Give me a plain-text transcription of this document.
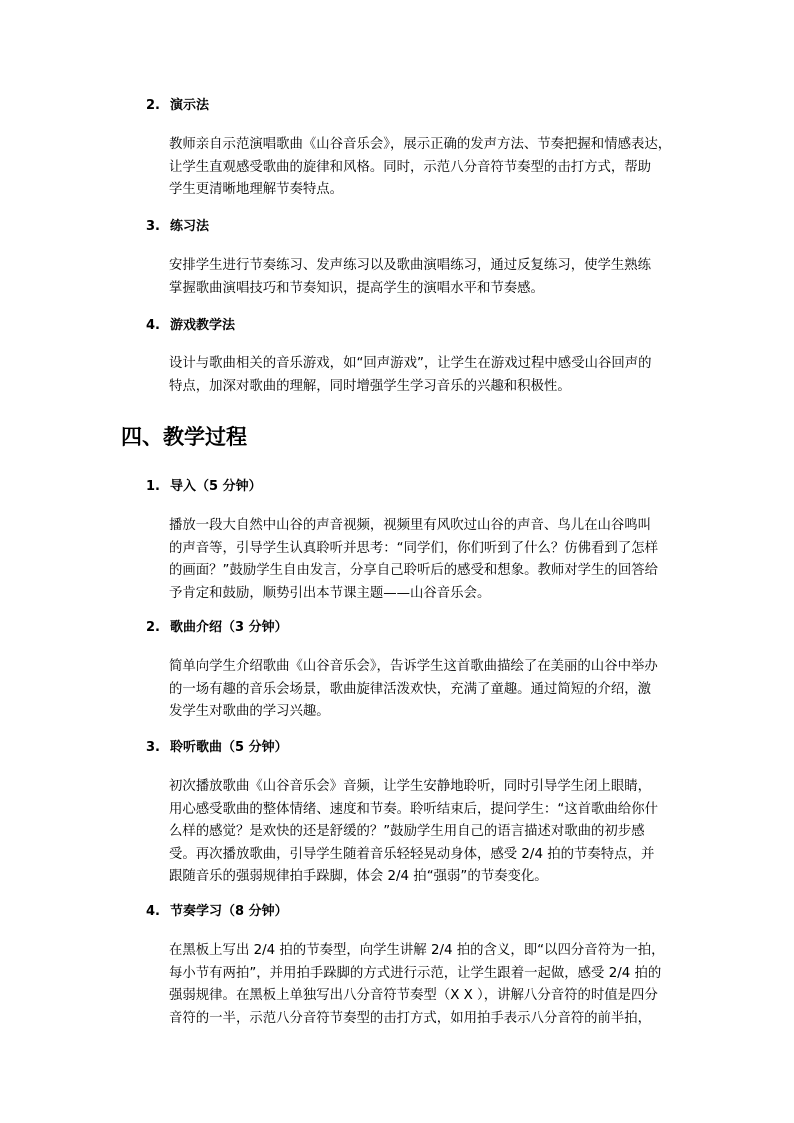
2. 演示法
教师亲自示范演唱歌曲《山谷音乐会》，展示正确的发声方法、节奏把握和情感表达，
让学生直观感受歌曲的旋律和风格。同时，示范八分音符节奏型的击打方式，帮助
学生更清晰地理解节奏特点。
3. 练习法
安排学生进行节奏练习、发声练习以及歌曲演唱练习，通过反复练习，使学生熟练
掌握歌曲演唱技巧和节奏知识，提高学生的演唱水平和节奏感。
4. 游戏教学法
设计与歌曲相关的音乐游戏，如“回声游戏”，让学生在游戏过程中感受山谷回声的
特点，加深对歌曲的理解，同时增强学生学习音乐的兴趣和积极性。
四、教学过程
1. 导入（5 分钟）
播放一段大自然中山谷的声音视频，视频里有风吹过山谷的声音、鸟儿在山谷鸣叫
的声音等，引导学生认真聆听并思考：“同学们，你们听到了什么？仿佛看到了怎样
的画面？”鼓励学生自由发言，分享自己聆听后的感受和想象。教师对学生的回答给
予肯定和鼓励，顺势引出本节课主题——山谷音乐会。
2. 歌曲介绍（3 分钟）
简单向学生介绍歌曲《山谷音乐会》，告诉学生这首歌曲描绘了在美丽的山谷中举办
的一场有趣的音乐会场景，歌曲旋律活泼欢快，充满了童趣。通过简短的介绍，激
发学生对歌曲的学习兴趣。
3. 聆听歌曲（5 分钟）
初次播放歌曲《山谷音乐会》音频，让学生安静地聆听，同时引导学生闭上眼睛，
用心感受歌曲的整体情绪、速度和节奏。聆听结束后，提问学生：“这首歌曲给你什
么样的感觉？是欢快的还是舒缓的？”鼓励学生用自己的语言描述对歌曲的初步感
受。再次播放歌曲，引导学生随着音乐轻轻晃动身体，感受 2/4 拍的节奏特点，并
跟随音乐的强弱规律拍手跺脚，体会 2/4 拍“强弱”的节奏变化。
4. 节奏学习（8 分钟）
在黑板上写出 2/4 拍的节奏型，向学生讲解 2/4 拍的含义，即“以四分音符为一拍，
每小节有两拍”，并用拍手跺脚的方式进行示范，让学生跟着一起做，感受 2/4 拍的
强弱规律。在黑板上单独写出八分音符节奏型（X X ），讲解八分音符的时值是四分
音符的一半，示范八分音符节奏型的击打方式，如用拍手表示八分音符的前半拍，
